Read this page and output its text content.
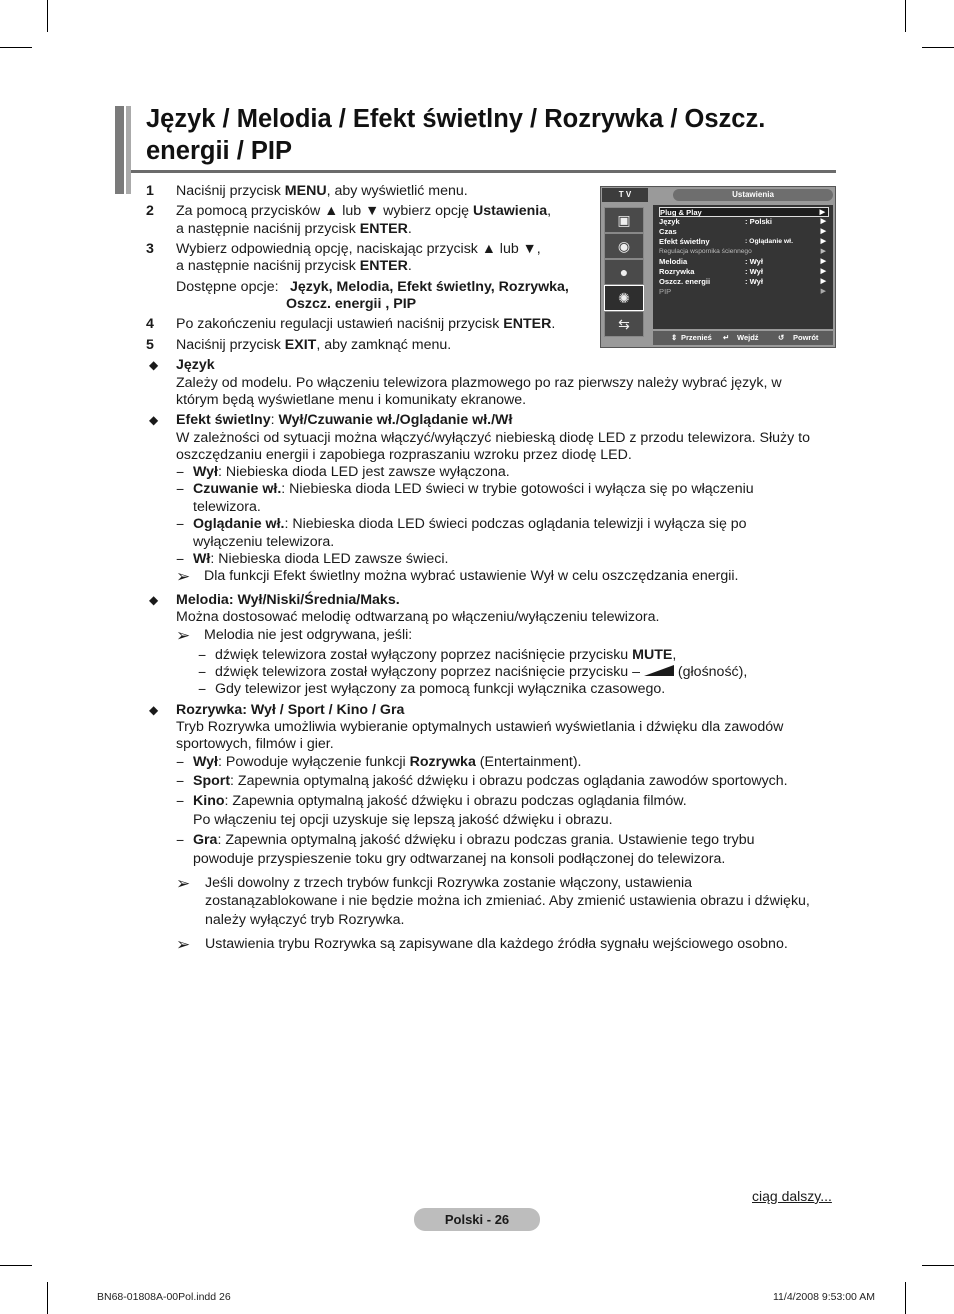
Język / Melodia / Efekt świetlny / Rozrywka / Oszcz.
energii / PIP
1 Naciśnij przycisk MENU, aby wyświetlić menu.
2 Za pomocą przycisków ▲ lub ▼ wybierz opcję Ustawienia,
a następnie naciśnij przycisk ENTER.
3 Wybierz odpowiednią opcję, naciskając przycisk ▲ lub ▼,
a następnie naciśnij przycisk ENTER.
Dostępne opcje: Język, Melodia, Efekt świetlny, Rozrywka,
Oszcz. energii , PIP
4 Po zakończeniu regulacji ustawień naciśnij przycisk ENTER.
5 Naciśnij przycisk EXIT, aby zamknąć menu.
T V	Ustawienia
▣
◉
●
✺
⇆
Plug & Play	▶
Język	: Polski	▶
Czas	▶
Efekt świetlny	: Oglądanie wł.	▶
Regulacja wspornika ściennego	▶
Melodia	: Wył	▶
Rozrywka	: Wył	▶
Oszcz. energii	: Wył	▶
PIP	▶
⇕ Przenieś ↵ Wejdź	↺ Powrót
◆ Język
Zależy od modelu. Po włączeniu telewizora plazmowego po raz pierwszy należy wybrać język, w
którym będą wyświetlane menu i komunikaty ekranowe.
◆ Efekt świetlny: Wył/Czuwanie wł./Oglądanie wł./Wł
W zależności od sytuacji można włączyć/wyłączyć niebieską diodę LED z przodu telewizora. Służy to
oszczędzaniu energii i zapobiega rozpraszaniu wzroku przez diodę LED.
− Wył: Niebieska dioda LED jest zawsze wyłączona.
− Czuwanie wł.: Niebieska dioda LED świeci w trybie gotowości i wyłącza się po włączeniu
telewizora.
− Oglądanie wł.: Niebieska dioda LED świeci podczas oglądania telewizji i wyłącza się po
wyłączeniu telewizora.
− Wł: Niebieska dioda LED zawsze świeci.
➢ Dla funkcji Efekt świetlny można wybrać ustawienie Wył w celu oszczędzania energii.
◆ Melodia: Wył/Niski/Średnia/Maks.
Można dostosować melodię odtwarzaną po włączeniu/wyłączeniu telewizora.
➢ Melodia nie jest odgrywana, jeśli:
− dźwięk telewizora został wyłączony poprzez naciśnięcie przycisku MUTE,
− dźwięk telewizora został wyłączony poprzez naciśnięcie przycisku –  (głośność),
− Gdy telewizor jest wyłączony za pomocą funkcji wyłącznika czasowego.
◆ Rozrywka: Wył / Sport / Kino / Gra
Tryb Rozrywka umożliwia wybieranie optymalnych ustawień wyświetlania i dźwięku dla zawodów
sportowych, filmów i gier.
− Wył: Powoduje wyłączenie funkcji Rozrywka (Entertainment).
− Sport: Zapewnia optymalną jakość dźwięku i obrazu podczas oglądania zawodów sportowych.
− Kino: Zapewnia optymalną jakość dźwięku i obrazu podczas oglądania filmów.
Po włączeniu tej opcji uzyskuje się lepszą jakość dźwięku i obrazu.
− Gra: Zapewnia optymalną jakość dźwięku i obrazu podczas grania. Ustawienie tego trybu
powoduje przyspieszenie toku gry odtwarzanej na konsoli podłączonej do telewizora.
➢ Jeśli dowolny z trzech trybów funkcji Rozrywka zostanie włączony, ustawienia
zostanązablokowane i nie będzie można ich zmieniać. Aby zmienić ustawienia obrazu i dźwięku,
należy wyłączyć tryb Rozrywka.
➢ Ustawienia trybu Rozrywka są zapisywane dla każdego źródła sygnału wejściowego osobno.
ciąg dalszy...
Polski - 26
BN68-01808A-00Pol.indd 26	11/4/2008 9:53:00 AM
